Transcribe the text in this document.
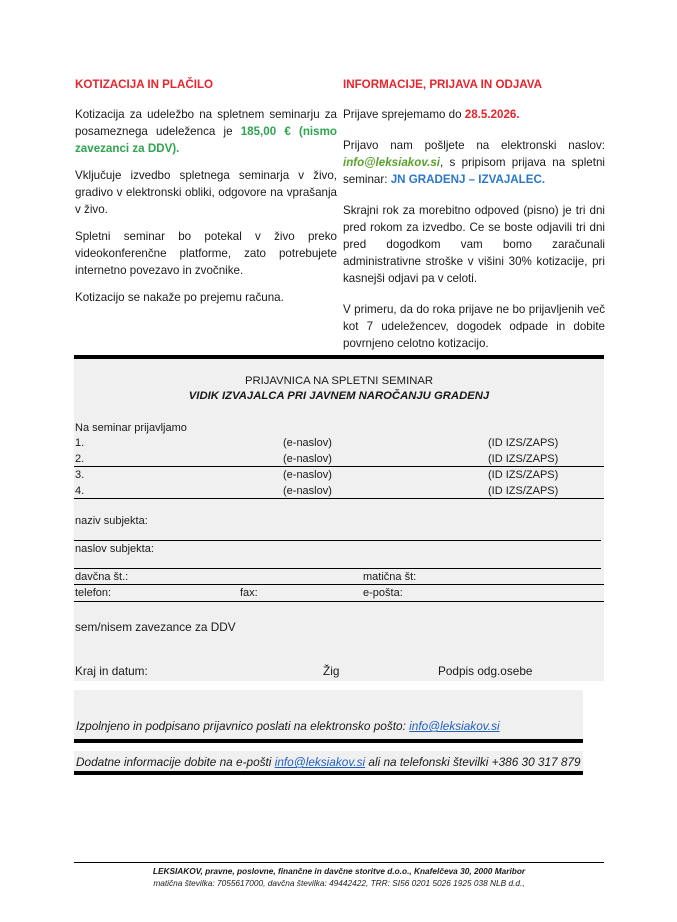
KOTIZACIJA IN PLAČILO

Kotizacija za udeležbo na spletnem seminarju za posameznega udeleženca je 185,00 € (nismo zavezanci za DDV).

Vključuje izvedbo spletnega seminarja v živo, gradivo v elektronski obliki, odgovore na vprašanja v živo.

Spletni seminar bo potekal v živo preko videokonferenčne platforme, zato potrebujete internetno povezavo in zvočnike.

Kotizacijo se nakaže po prejemu računa.

INFORMACIJE, PRIJAVA IN ODJAVA

Prijave sprejemamo do 28.5.2026.

Prijavo nam pošljete na elektronski naslov: info@leksiakov.si, s pripisom prijava na spletni seminar: JN GRADENJ – IZVAJALEC.

Skrajni rok za morebitno odpoved (pisno) je tri dni pred rokom za izvedbo. Ce se boste odjavili tri dni pred dogodkom vam bomo zaračunali administrativne stroške v višini 30% kotizacije, pri kasnejši odjavi pa v celoti.

V primeru, da do roka prijave ne bo prijavljenih več kot 7 udeležencev, dogodek odpade in dobite povrnjeno celotno kotizacijo.

PRIJAVNICA NA SPLETNI SEMINAR
VIDIK IZVAJALCA PRI JAVNEM NAROČANJU GRADENJ
Na seminar prijavljamo
1.	(e-naslov)	(ID IZS/ZAPS)
2.	(e-naslov)	(ID IZS/ZAPS)
3.	(e-naslov)	(ID IZS/ZAPS)
4.	(e-naslov)	(ID IZS/ZAPS)
naziv subjekta:
naslov subjekta:
davčna št.:	matična št:
telefon:	fax:	e-pošta:
sem/nisem zavezance za DDV
Kraj in datum:	Žig	Podpis odg.osebe
Izpolnjeno in podpisano prijavnico poslati na elektronsko pošto: info@leksiakov.si
Dodatne informacije dobite na e-pošti info@leksiakov.si ali na telefonski številki +386 30 317 879
LEKSIAKOV, pravne, poslovne, finančne in davčne storitve d.o.o., Knafelčeva 30, 2000 Maribor
matična številka: 7055617000, davčna številka: 49442422, TRR: SI56 0201 5026 1925 038 NLB d.d.,
